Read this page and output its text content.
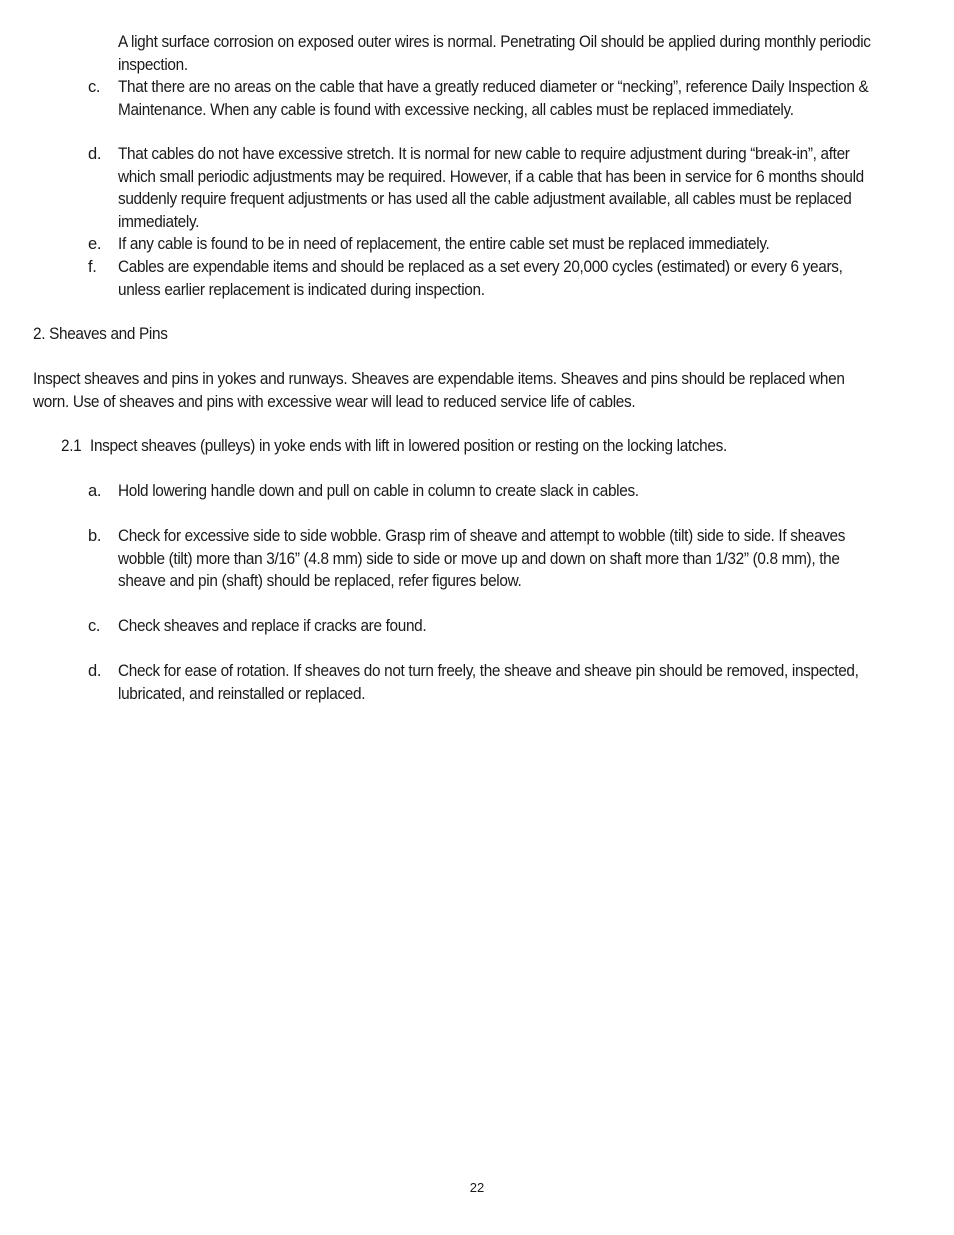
A light surface corrosion on exposed outer wires is normal. Penetrating Oil should be applied during monthly periodic inspection.
c. That there are no areas on the cable that have a greatly reduced diameter or “necking”, reference Daily Inspection & Maintenance. When any cable is found with excessive necking, all cables must be replaced immediately.
d. That cables do not have excessive stretch. It is normal for new cable to require adjustment during “break-in”, after which small periodic adjustments may be required. However, if a cable that has been in service for 6 months should suddenly require frequent adjustments or has used all the cable adjustment available, all cables must be replaced immediately.
e. If any cable is found to be in need of replacement, the entire cable set must be replaced immediately.
f. Cables are expendable items and should be replaced as a set every 20,000 cycles (estimated) or every 6 years, unless earlier replacement is indicated during inspection.
2. Sheaves and Pins
Inspect sheaves and pins in yokes and runways. Sheaves are expendable items. Sheaves and pins should be replaced when worn. Use of sheaves and pins with excessive wear will lead to reduced service life of cables.
2.1 Inspect sheaves (pulleys) in yoke ends with lift in lowered position or resting on the locking latches.
a. Hold lowering handle down and pull on cable in column to create slack in cables.
b. Check for excessive side to side wobble. Grasp rim of sheave and attempt to wobble (tilt) side to side. If sheaves wobble (tilt) more than 3/16” (4.8 mm) side to side or move up and down on shaft more than 1/32” (0.8 mm), the sheave and pin (shaft) should be replaced, refer figures below.
c. Check sheaves and replace if cracks are found.
d. Check for ease of rotation. If sheaves do not turn freely, the sheave and sheave pin should be removed, inspected, lubricated, and reinstalled or replaced.
22
